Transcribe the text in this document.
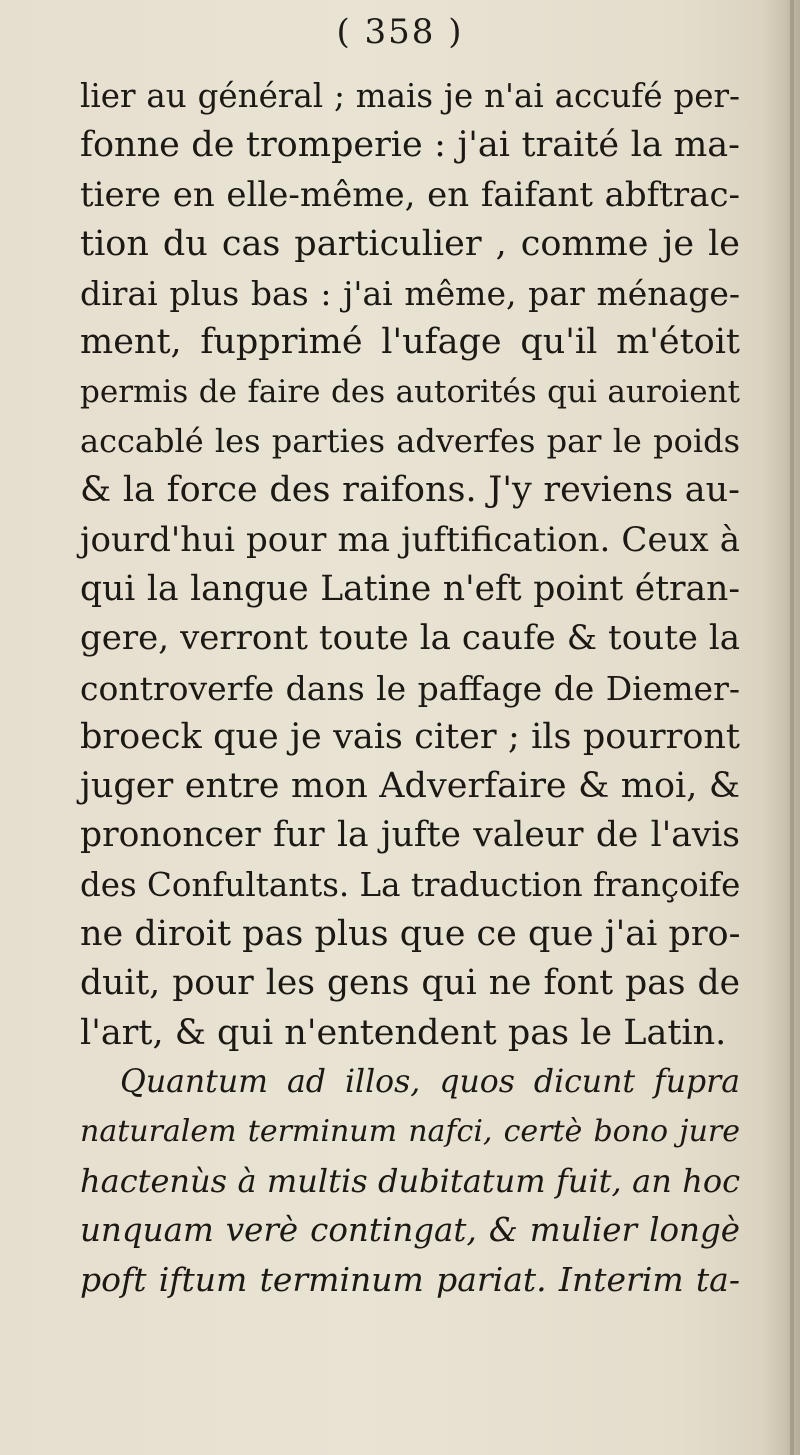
( 358 )
lier au général ; mais je n'ai accufé per-
fonne de tromperie : j'ai traité la ma-
tiere en elle-même, en faifant abftrac-
tion du cas particulier , comme je le
dirai plus bas : j'ai même, par ménage-
ment, fupprimé l'ufage qu'il m'étoit
permis de faire des autorités qui auroient
accablé les parties adverfes par le poids
& la force des raifons. J'y reviens au-
jourd'hui pour ma juftification. Ceux à
qui la langue Latine n'eft point étran-
gere, verront toute la caufe & toute la
controverfe dans le paffage de Diemer-
broeck que je vais citer ; ils pourront
juger entre mon Adverfaire & moi, &
prononcer fur la jufte valeur de l'avis
des Confultants. La traduction françoife
ne diroit pas plus que ce que j'ai pro-
duit, pour les gens qui ne font pas de
l'art, & qui n'entendent pas le Latin.
Quantum ad illos, quos dicunt fupra
naturalem terminum nafci, certè bono jure
hactenùs à multis dubitatum fuit, an hoc
unquam verè contingat, & mulier longè
poft iftum terminum pariat. Interim ta-
